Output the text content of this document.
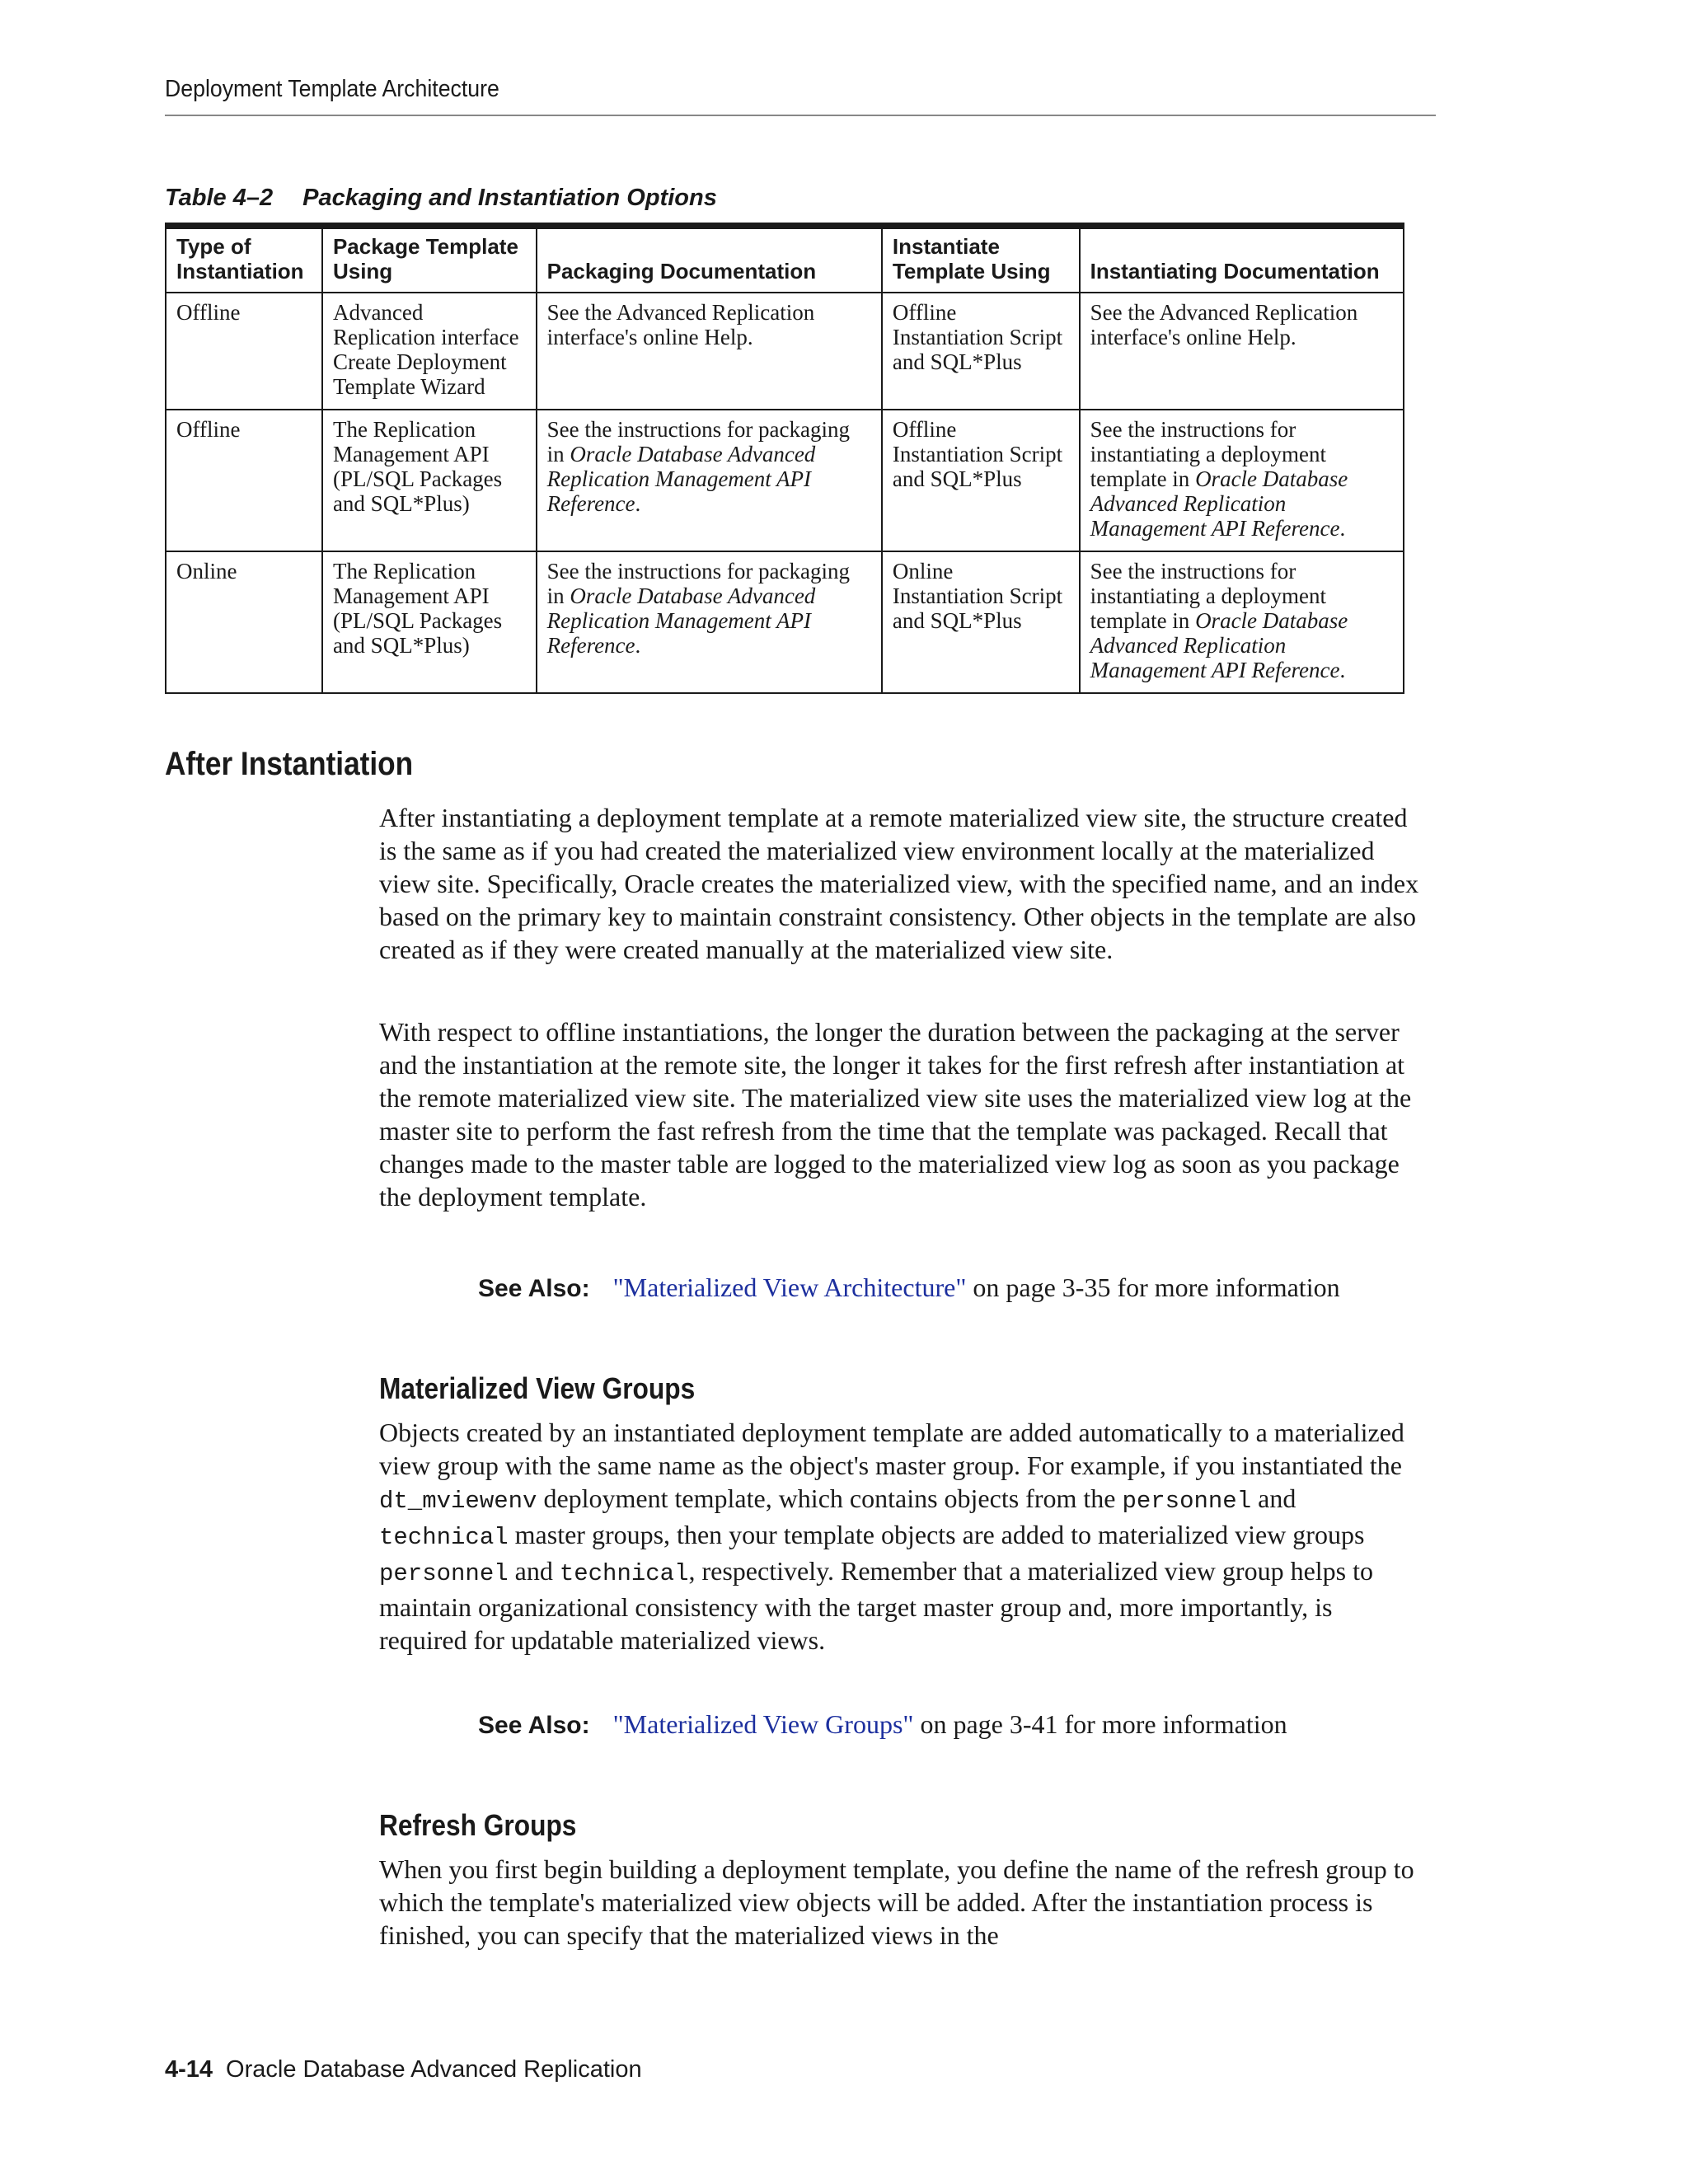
Deployment Template Architecture
Table 4–2 Packaging and Instantiation Options
Type of Instantiation	Package Template Using	Packaging Documentation	Instantiate Template Using	Instantiating Documentation
Offline	Advanced Replication interface Create Deployment Template Wizard	See the Advanced Replication interface's online Help.	Offline Instantiation Script and SQL*Plus	See the Advanced Replication interface's online Help.
Offline	The Replication Management API (PL/SQL Packages and SQL*Plus)	See the instructions for packaging in Oracle Database Advanced Replication Management API Reference.	Offline Instantiation Script and SQL*Plus	See the instructions for instantiating a deployment template in Oracle Database Advanced Replication Management API Reference.
Online	The Replication Management API (PL/SQL Packages and SQL*Plus)	See the instructions for packaging in Oracle Database Advanced Replication Management API Reference.	Online Instantiation Script and SQL*Plus	See the instructions for instantiating a deployment template in Oracle Database Advanced Replication Management API Reference.
After Instantiation

After instantiating a deployment template at a remote materialized view site, the structure created is the same as if you had created the materialized view environment locally at the materialized view site. Specifically, Oracle creates the materialized view, with the specified name, and an index based on the primary key to maintain constraint consistency. Other objects in the template are also created as if they were created manually at the materialized view site.

With respect to offline instantiations, the longer the duration between the packaging at the server and the instantiation at the remote site, the longer it takes for the first refresh after instantiation at the remote materialized view site. The materialized view site uses the materialized view log at the master site to perform the fast refresh from the time that the template was packaged. Recall that changes made to the master table are logged to the materialized view log as soon as you package the deployment template.

See Also: "Materialized View Architecture" on page 3-35 for more information

Materialized View Groups

Objects created by an instantiated deployment template are added automatically to a materialized view group with the same name as the object's master group. For example, if you instantiated the dt_mviewenv deployment template, which contains objects from the personnel and technical master groups, then your template objects are added to materialized view groups personnel and technical, respectively. Remember that a materialized view group helps to maintain organizational consistency with the target master group and, more importantly, is required for updatable materialized views.

See Also: "Materialized View Groups" on page 3-41 for more information

Refresh Groups

When you first begin building a deployment template, you define the name of the refresh group to which the template's materialized view objects will be added. After the instantiation process is finished, you can specify that the materialized views in the

4-14 Oracle Database Advanced Replication
